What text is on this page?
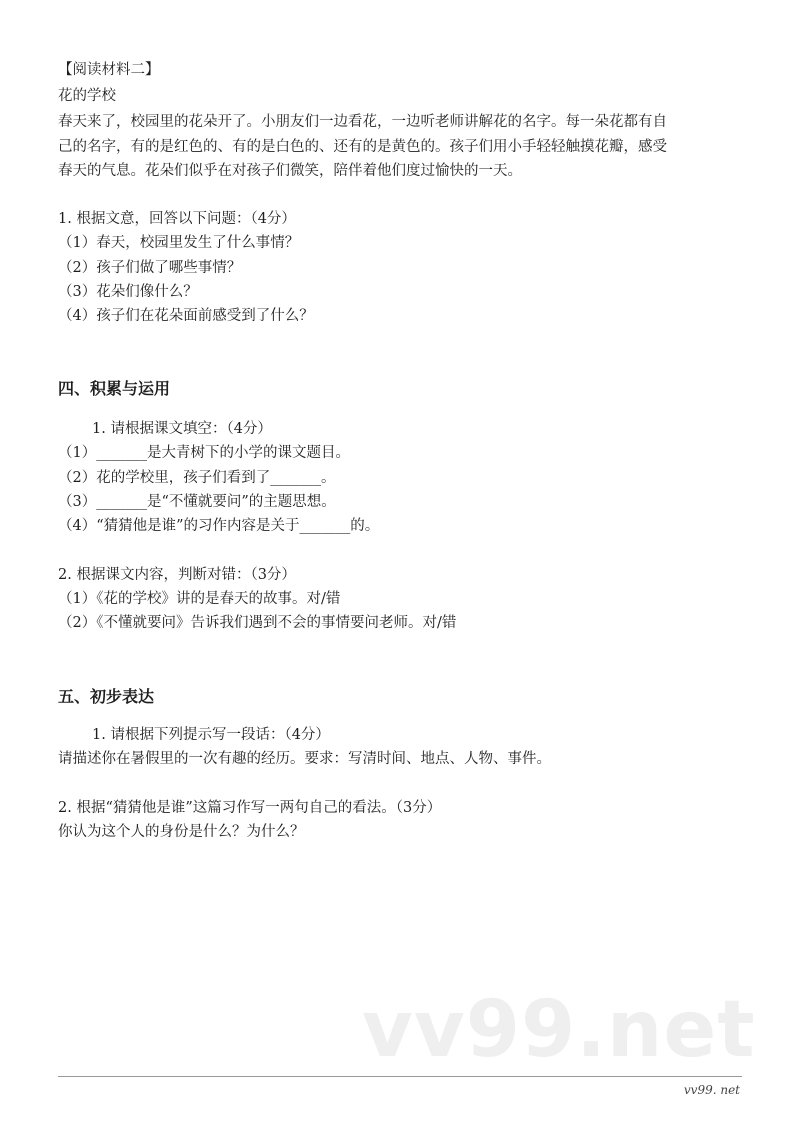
【阅读材料二】
花的学校
春天来了，校园里的花朵开了。小朋友们一边看花，一边听老师讲解花的名字。每一朵花都有自
己的名字，有的是红色的、有的是白色的、还有的是黄色的。孩子们用小手轻轻触摸花瓣，感受
春天的气息。花朵们似乎在对孩子们微笑，陪伴着他们度过愉快的一天。
1. 根据文意，回答以下问题：（4分）
（1）春天，校园里发生了什么事情？
（2）孩子们做了哪些事情？
（3）花朵们像什么？
（4）孩子们在花朵面前感受到了什么？
四、积累与运用
1. 请根据课文填空：（4分）
（1）_______是大青树下的小学的课文题目。
（2）花的学校里，孩子们看到了_______。
（3）_______是“不懂就要问”的主题思想。
（4）“猜猜他是谁”的习作内容是关于_______的。
2. 根据课文内容，判断对错：（3分）
（1）《花的学校》讲的是春天的故事。对/错
（2）《不懂就要问》告诉我们遇到不会的事情要问老师。对/错
五、初步表达
1. 请根据下列提示写一段话：（4分）
请描述你在暑假里的一次有趣的经历。要求：写清时间、地点、人物、事件。
2. 根据“猜猜他是谁”这篇习作写一两句自己的看法。（3分）
你认为这个人的身份是什么？为什么？
vv99.net
vv99. net
